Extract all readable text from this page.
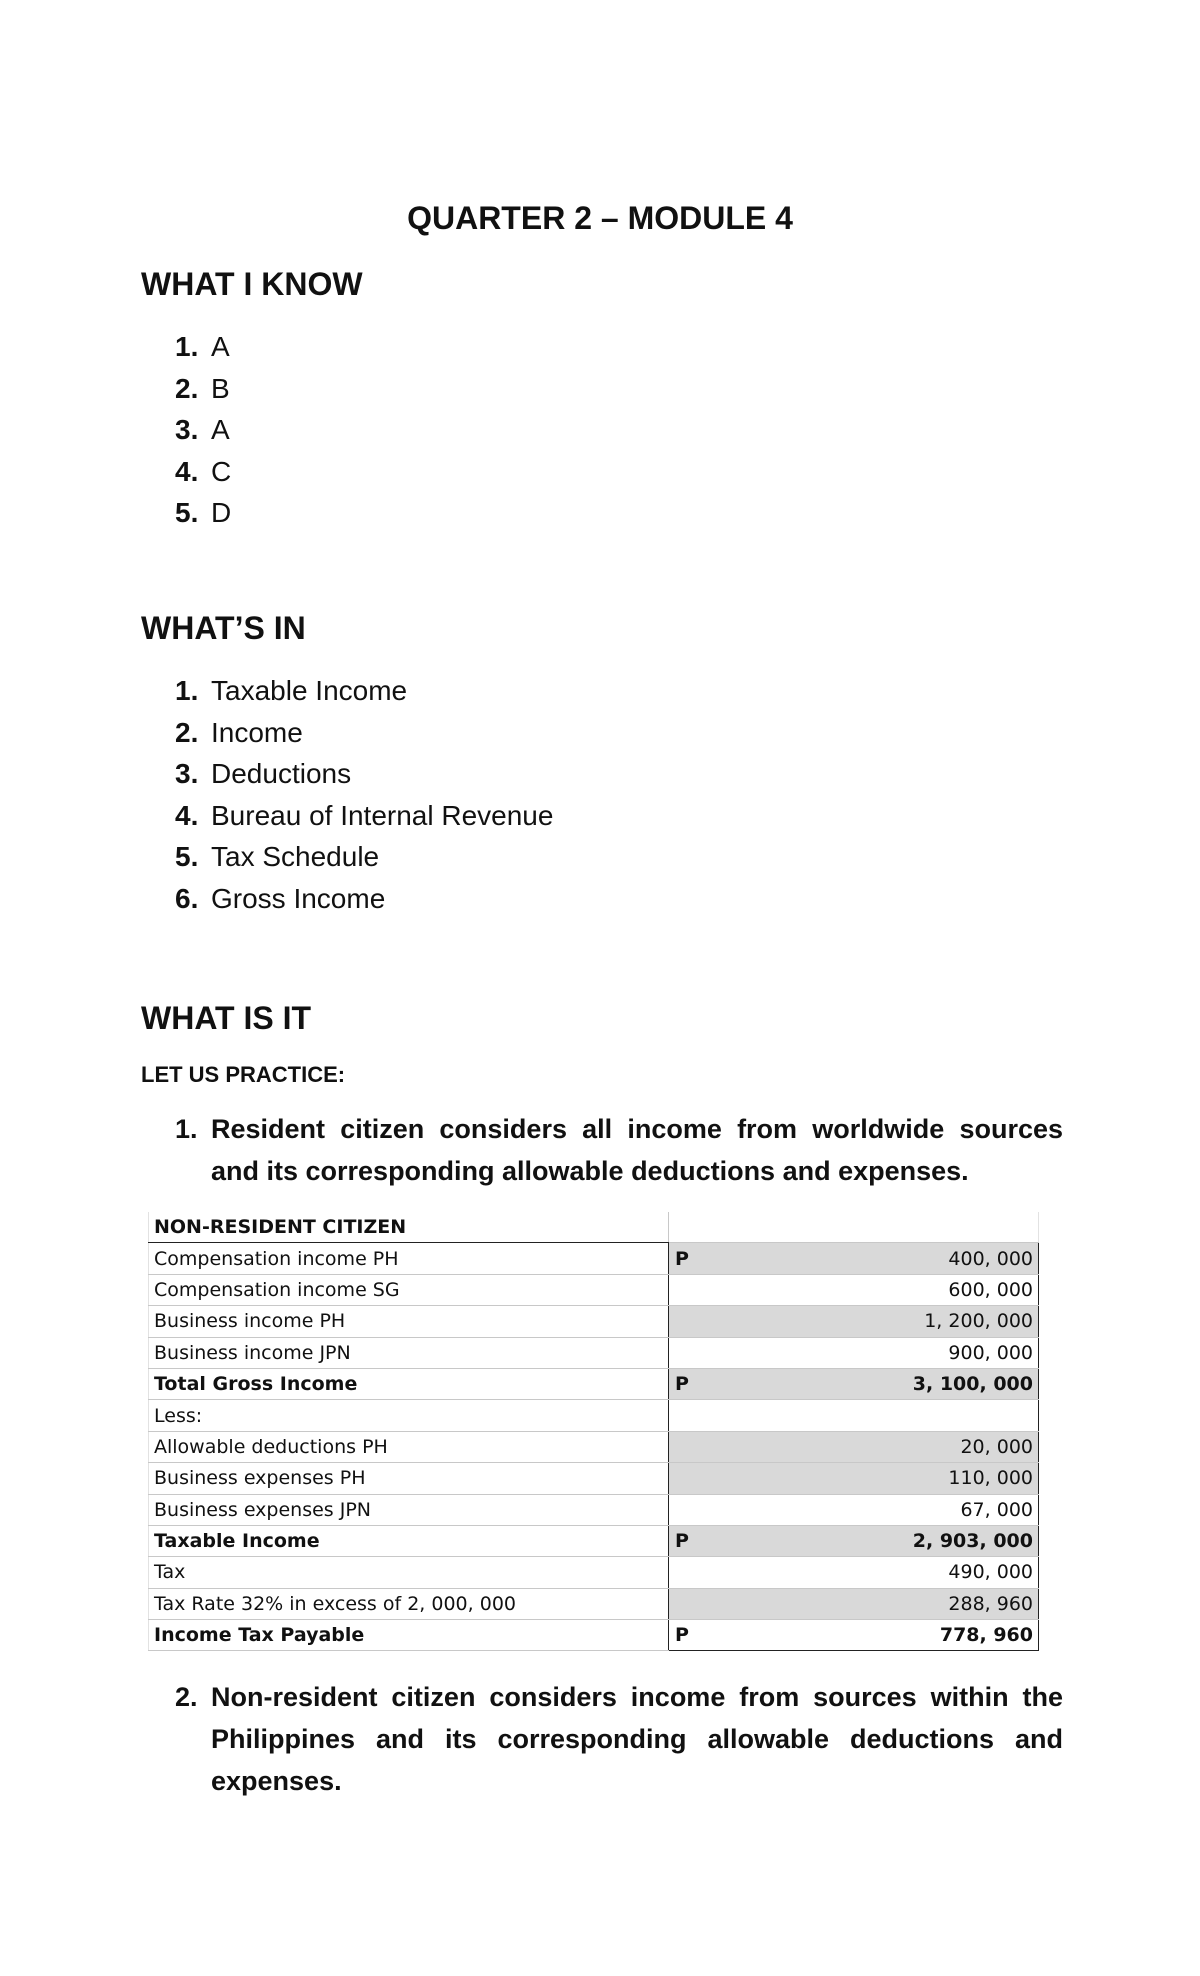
QUARTER 2 – MODULE 4
WHAT I KNOW
1. A
2. B
3. A
4. C
5. D
WHAT’S IN
1. Taxable Income
2. Income
3. Deductions
4. Bureau of Internal Revenue
5. Tax Schedule
6. Gross Income
WHAT IS IT
LET US PRACTICE:
1. Resident citizen considers all income from worldwide sources and its corresponding allowable deductions and expenses.
NON-RESIDENT CITIZEN	
Compensation income PH	P 400, 000

Compensation income SG	600, 000

Business income PH	1, 200, 000

Business income JPN	900, 000

Total Gross Income	P 3, 100, 000

Less:	

Allowable deductions PH	20, 000

Business expenses PH	110, 000

Business expenses JPN	67, 000

Taxable Income	P 2, 903, 000

Tax	490, 000

Tax Rate 32% in excess of 2, 000, 000	288, 960

Income Tax Payable	P 778, 960
2. Non-resident citizen considers income from sources within the Philippines and its corresponding allowable deductions and expenses.
